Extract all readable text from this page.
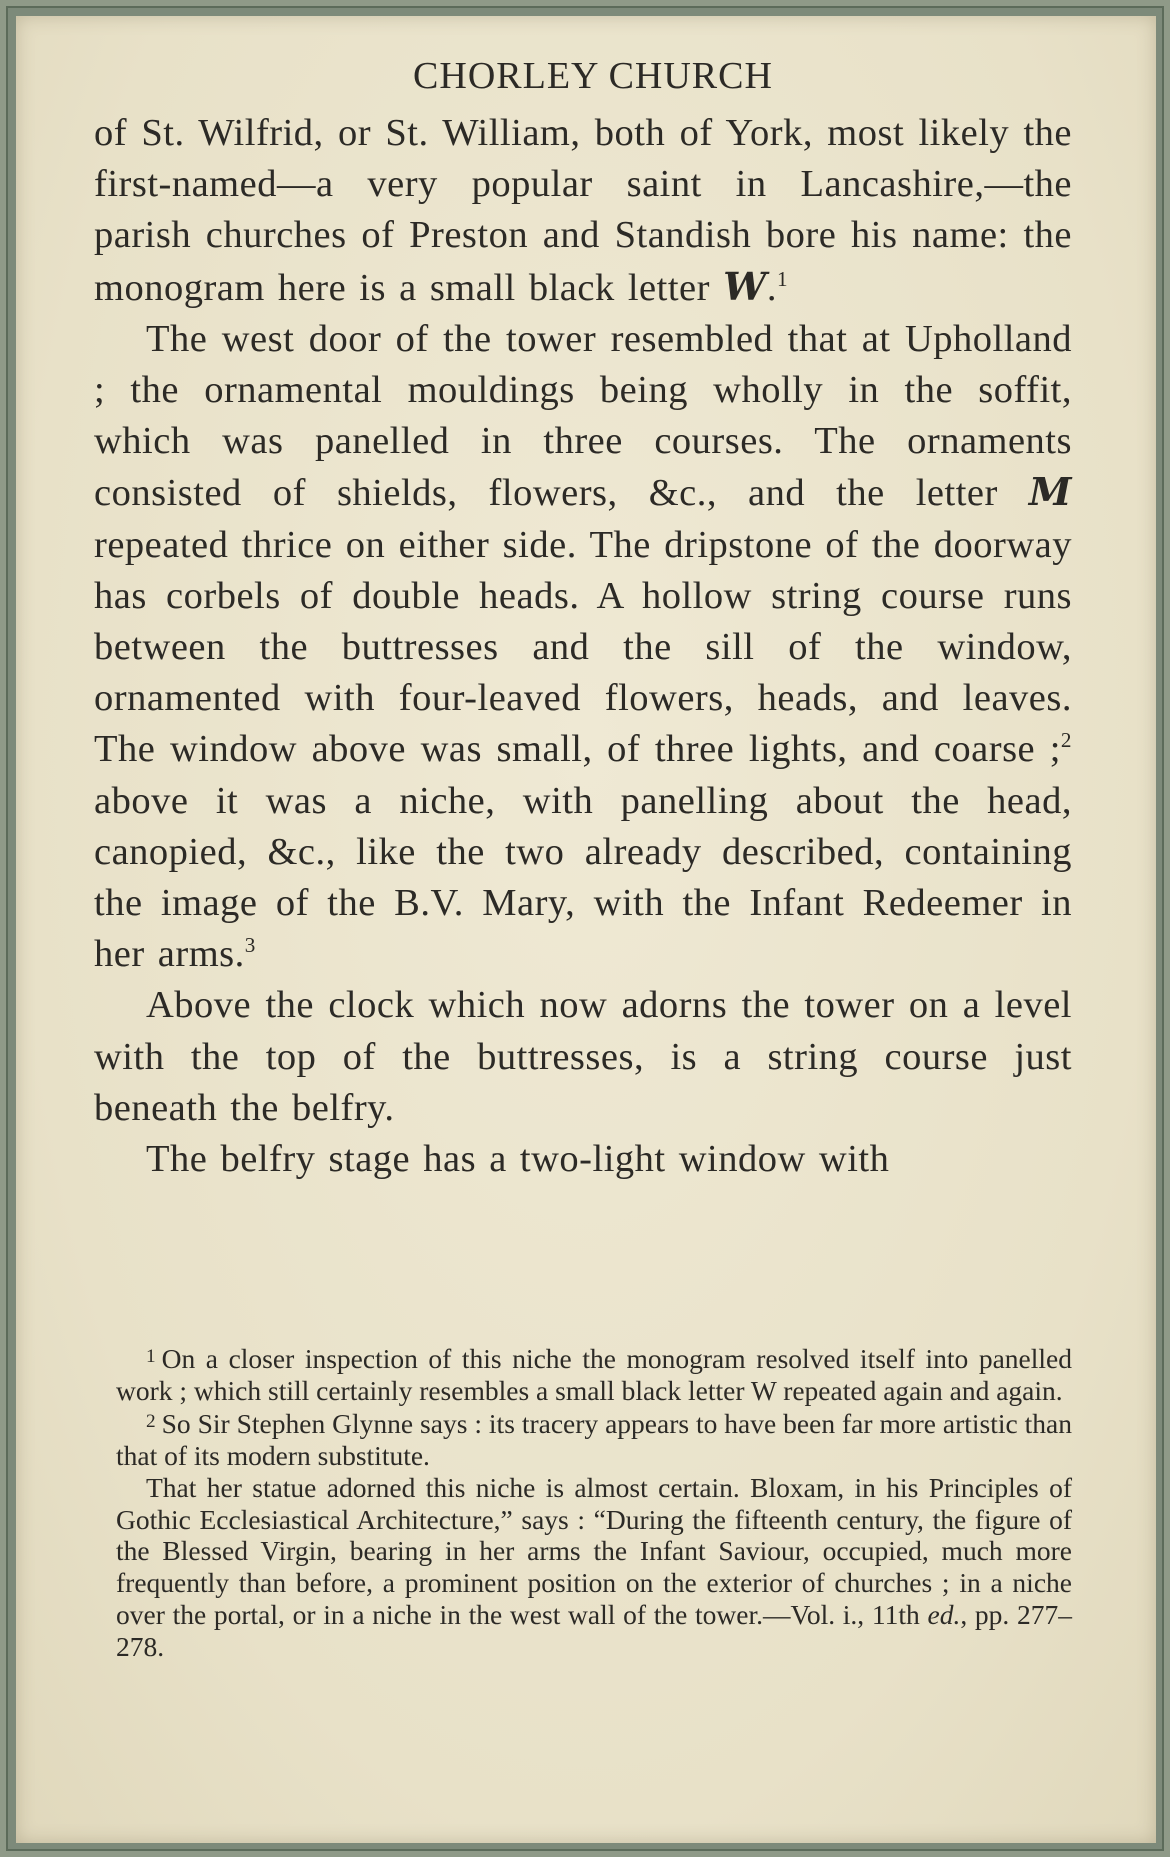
CHORLEY CHURCH

of St. Wilfrid, or St. William, both of York, most likely the first-named—a very popular saint in Lancashire,—the parish churches of Preston and Standish bore his name: the monogram here is a small black letter W.$^1$

The west door of the tower resembled that at Upholland ; the ornamental mouldings being wholly in the soffit, which was panelled in three courses. The ornaments consisted of shields, flowers, &c., and the letter M repeated thrice on either side. The dripstone of the doorway has corbels of double heads. A hollow string course runs between the buttresses and the sill of the window, ornamented with four-leaved flowers, heads, and leaves. The window above was small, of three lights, and coarse ;$^2$ above it was a niche, with panelling about the head, canopied, &c., like the two already described, containing the image of the B.V. Mary, with the Infant Redeemer in her arms.$^3$

Above the clock which now adorns the tower on a level with the top of the buttresses, is a string course just beneath the belfry.

The belfry stage has a two-light window with

$^1$ On a closer inspection of this niche the monogram resolved itself into panelled work ; which still certainly resembles a small black letter W repeated again and again.

$^2$ So Sir Stephen Glynne says : its tracery appears to have been far more artistic than that of its modern substitute.

That her statue adorned this niche is almost certain. Bloxam, in his Principles of Gothic Ecclesiastical Architecture,” says : “During the fifteenth century, the figure of the Blessed Virgin, bearing in her arms the Infant Saviour, occupied, much more frequently than before, a prominent position on the exterior of churches ; in a niche over the portal, or in a niche in the west wall of the tower.—Vol. i., 11th ed., pp. 277–278.
